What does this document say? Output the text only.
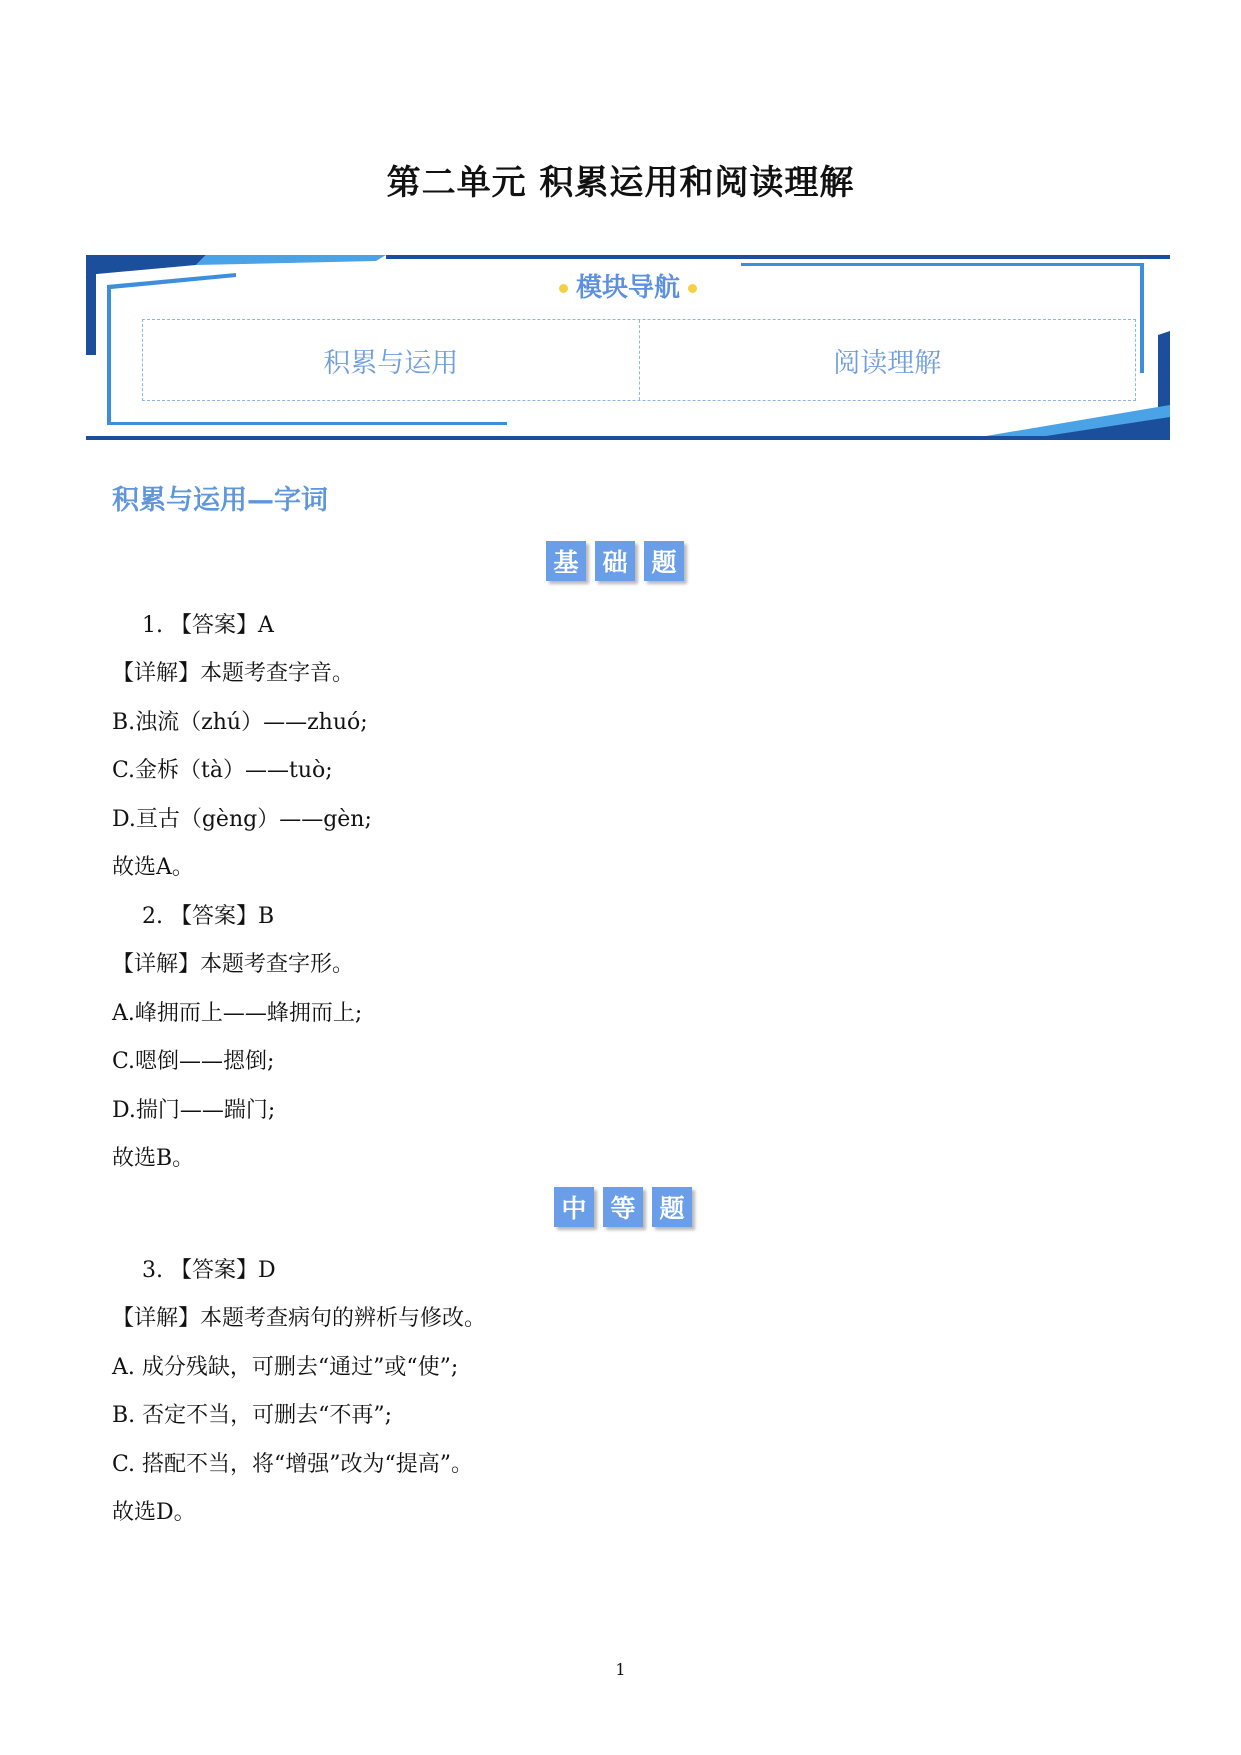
第二单元 积累运用和阅读理解
模块导航
积累与运用	阅读理解
积累与运用—字词
基 础 题

1. 【答案】A

【详解】本题考查字音。

B.浊流（zhú）——zhuó;

C.金柝（tà）——tuò;

D.亘古（gèng）——gèn;

故选A。

2. 【答案】B

【详解】本题考查字形。

A.峰拥而上——蜂拥而上;

C.嗯倒——摁倒;

D.揣门——踹门;

故选B。

中 等 题

3. 【答案】D

【详解】本题考查病句的辨析与修改。

A. 成分残缺，可删去“通过”或“使”;

B. 否定不当，可删去“不再”;

C. 搭配不当，将“增强”改为“提高”。

故选D。

1
